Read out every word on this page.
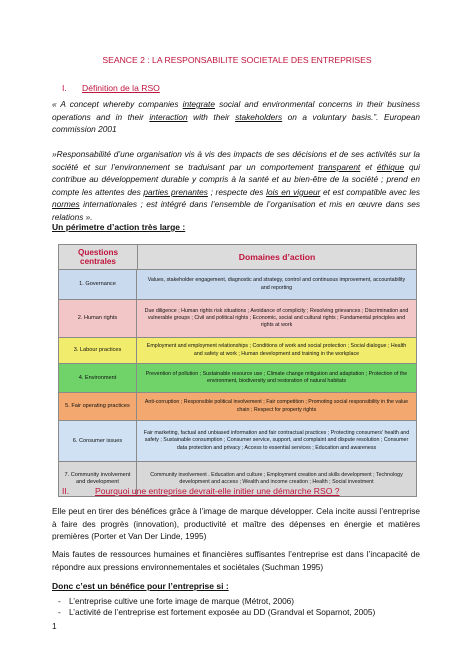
SEANCE 2 : LA RESPONSABILITE SOCIETALE DES ENTREPRISES
I. Définition de la RSO

« A concept whereby companies integrate social and environmental concerns in their business operations and in their interaction with their stakeholders on a voluntary basis.”. European commission 2001

»Responsabilité d’une organisation vis à vis des impacts de ses décisions et de ses activités sur la société et sur l’environnement se traduisant par un comportement transparent et éthique qui contribue au développement durable y compris à la santé et au bien-être de la société ; prend en compte les attentes des parties prenantes ; respecte des lois en vigueur et est compatible avec les normes internationales ; est intégré dans l’ensemble de l’organisation et mis en œuvre dans ses relations ».

Un périmetre d’action très large :
Questions centrales	Domaines d’action
1. Governance
Values, stakeholder engagement, diagnostic and strategy, control and continuous improvement, accountability and reporting
2. Human rights
Due diligence ; Human rights risk situations ; Avoidance of complicity ; Resolving grievances ; Discrimination and vulnerable groups ; Civil and political rights ; Economic, social and cultural rights ; Fundamental principles and rights at work
3. Labour practices
Employment and employment relationships ; Conditions of work and social protection ; Social dialogue ; Health and safety at work ; Human development and training in the workplace
4. Environment
Prevention of pollution ; Sustainable resource use ; Climate change mitigation and adaptation ; Protection of the environment, biodiversity and restoration of natural habitats
5. Fair operating practices
Anti-corruption ; Responsible political involvement ; Fair competition ; Promoting social responsibility in the value chain ; Respect for property rights
6. Consumer issues
Fair marketing, factual and unbiased information and fair contractual practices ; Protecting consumers' health and safety ; Sustainable consumption ; Consumer service, support, and complaint and dispute resolution ; Consumer data protection and privacy ; Access to essential services ; Education and awareness
7. Community involvement and development
Community involvement . Education and culture ; Employment creation and skills development ; Technology development and access ; Wealth and income creation ; Health ; Social investment
II.	Pourquoi une entreprise devrait-elle initier une démarche RSO ?

Elle peut en tirer des bénéfices grâce à l’image de marque développer. Cela incite aussi l’entreprise à faire des progrès (innovation), productivité et maître des dépenses en énergie et matières premières (Porter et Van Der Linde, 1995)

Mais fautes de ressources humaines et financières suffisantes l’entreprise est dans l’incapacité de répondre aux pressions environnementales et sociétales (Suchman 1995)

Donc c’est un bénéfice pour l’entreprise si :
- L’entreprise cultive une forte image de marque (Métrot, 2006)
- L’activité de l’entreprise est fortement exposée au DD (Grandval et Soparnot, 2005)
1
